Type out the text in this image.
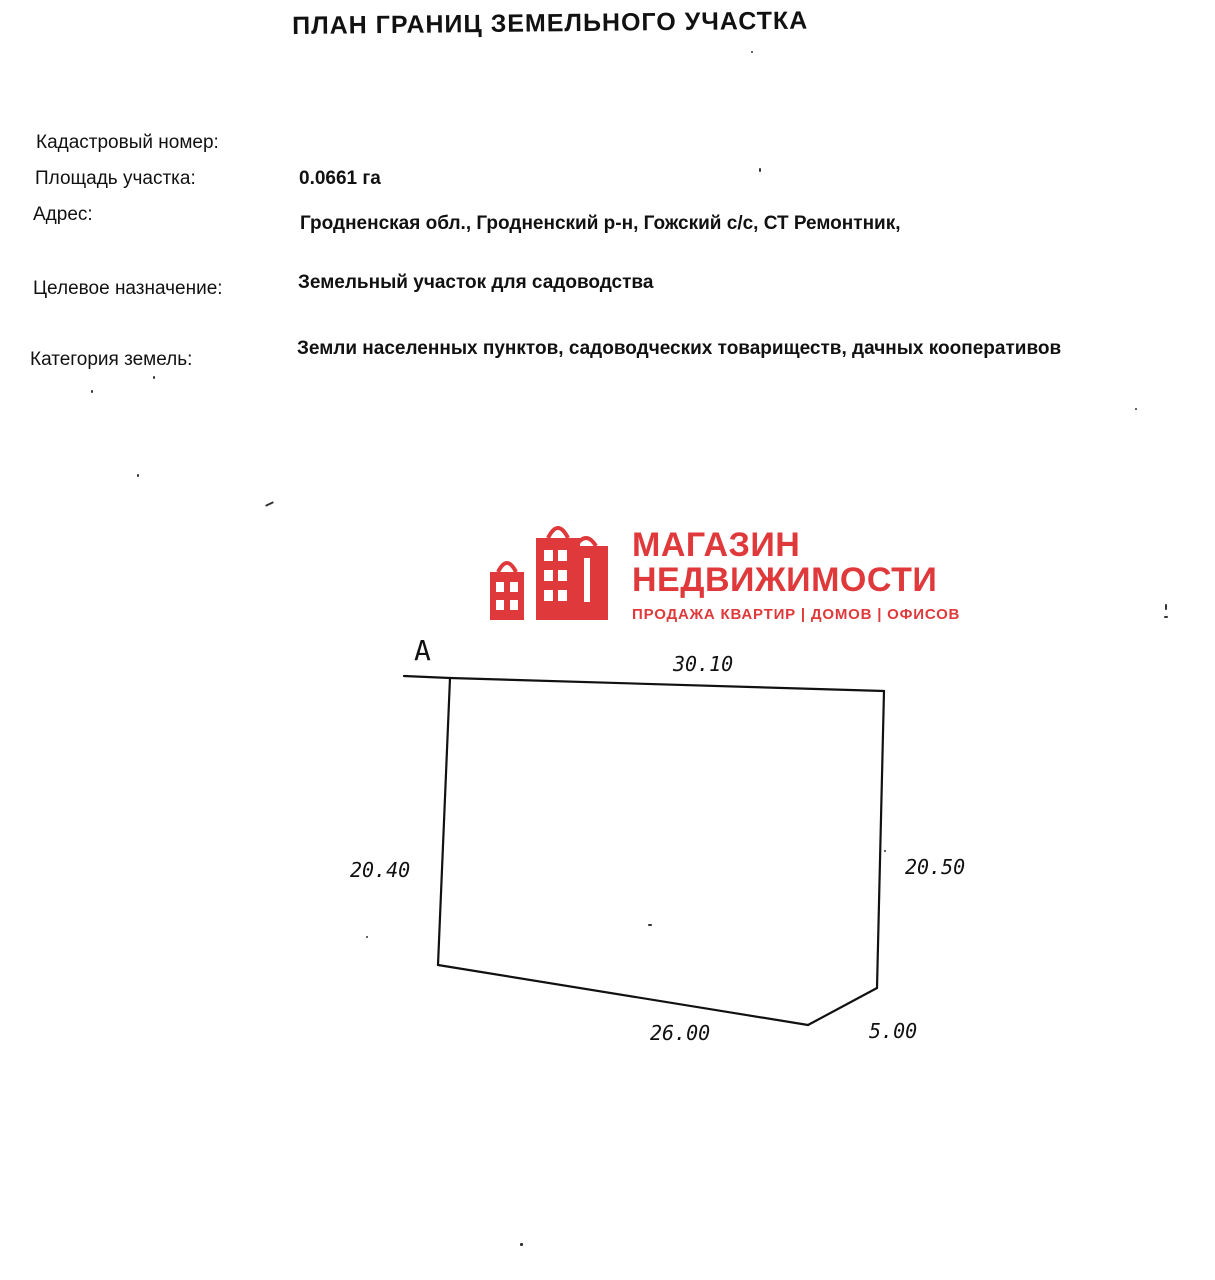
ПЛАН ГРАНИЦ ЗЕМЕЛЬНОГО УЧАСТКА
Кадастровый номер:
Площадь участка:	0.0661 га
Адрес:	Гродненская обл., Гродненский р-н, Гожский с/с, СТ Ремонтник,
Целевое назначение:	Земельный участок для садоводства
Категория земель:
Земли населенных пунктов, садоводческих товариществ, дачных кооперативов
МАГАЗИН
НЕДВИЖИМОСТИ
ПРОДАЖА КВАРТИР | ДОМОВ | ОФИСОВ
A	30.10
20.40	20.50
26.00	5.00
